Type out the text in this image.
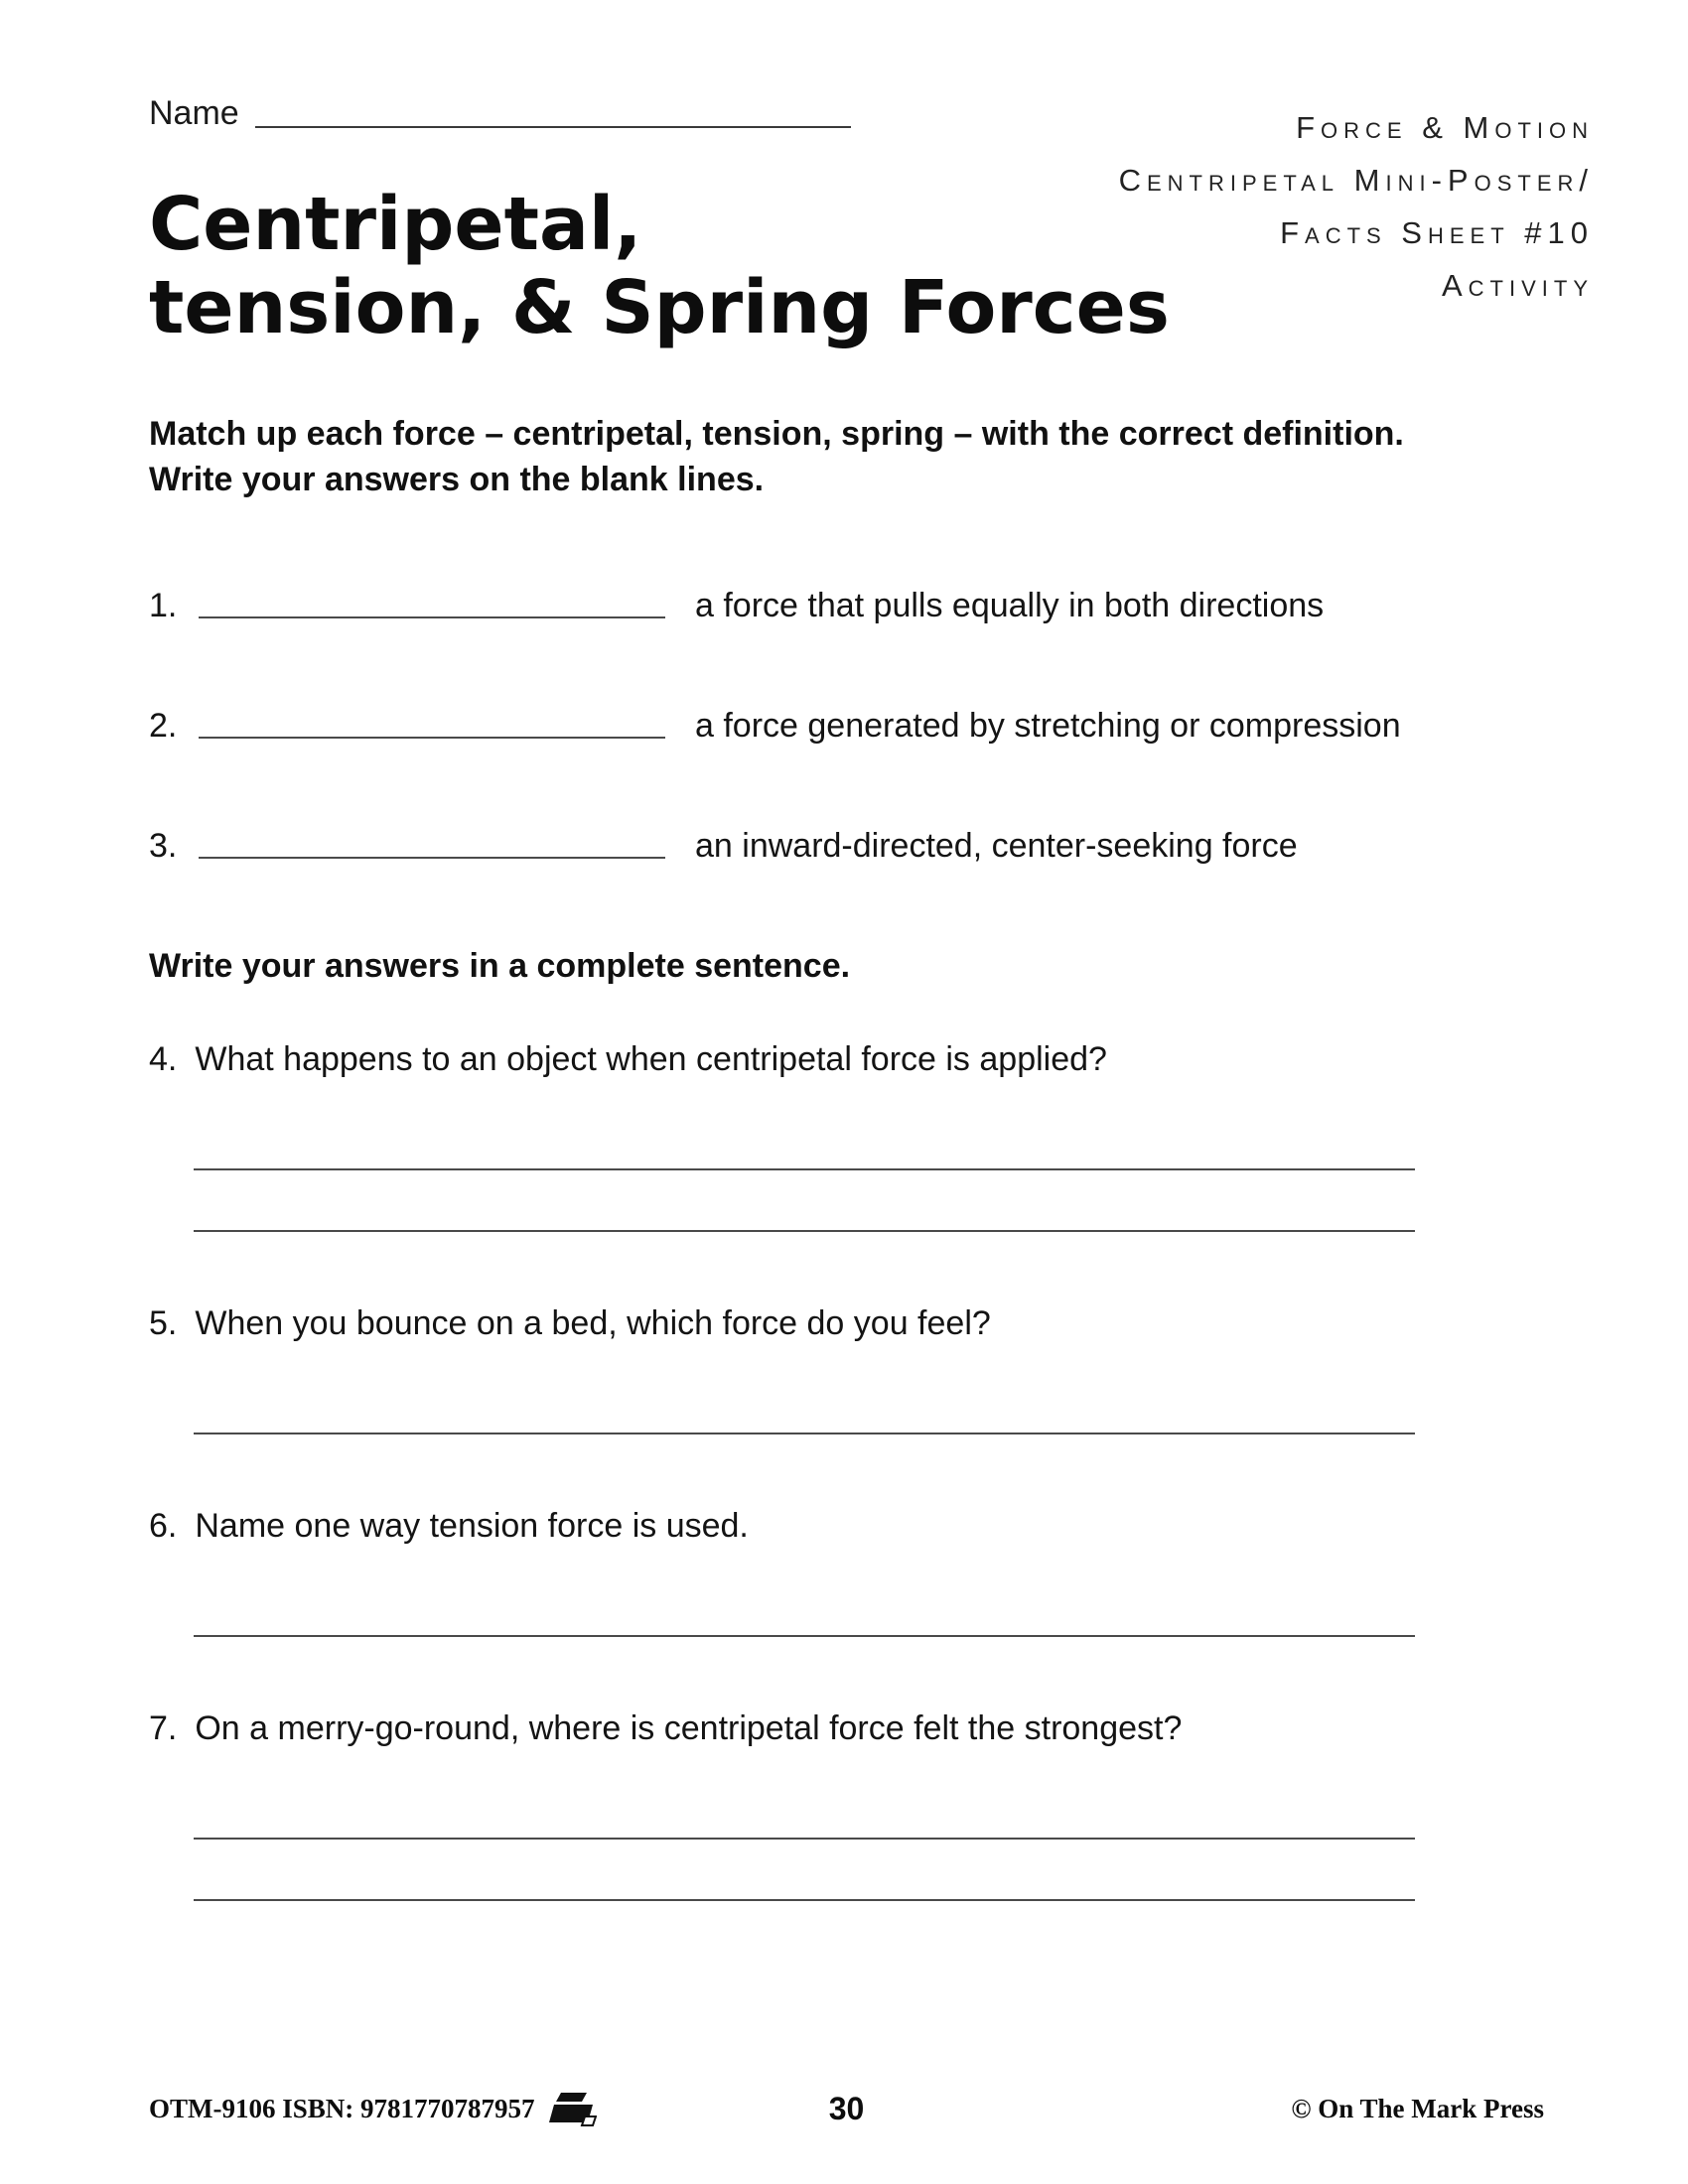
Force & Motion
Centripetal Mini-Poster/
Facts Sheet #10
Activity
Name
Centripetal,
tension, & Spring Forces
Match up each force – centripetal, tension, spring – with the correct definition.
Write your answers on the blank lines.
1.	a force that pulls equally in both directions
2.	a force generated by stretching or compression
3.	an inward-directed, center-seeking force
Write your answers in a complete sentence.
4. What happens to an object when centripetal force is applied?
5. When you bounce on a bed, which force do you feel?
6. Name one way tension force is used.
7. On a merry-go-round, where is centripetal force felt the strongest?
OTM-9106 ISBN: 9781770787957	30	© On The Mark Press
